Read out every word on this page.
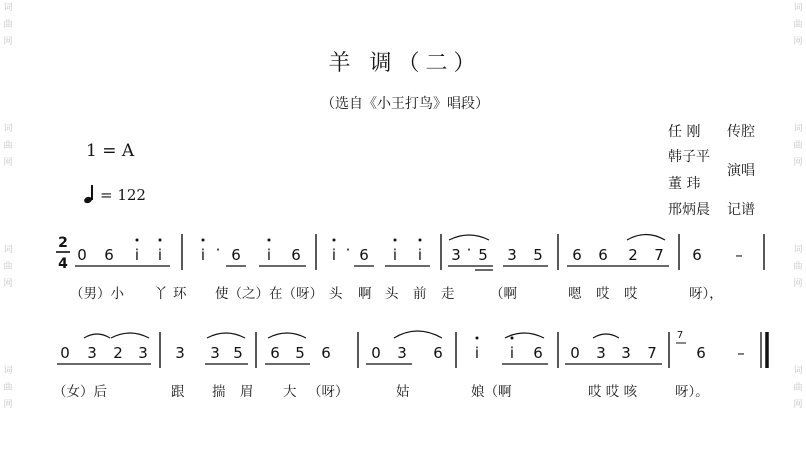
词
曲
网
词
曲
网
词
曲
网
词
曲
网
词
曲
网
词
曲
网
词
曲
网
词
曲
网
羊 调（二）
（选自《小王打鸟》唱段）
1 = A
= 122
任 刚 传腔
韩子平
董 玮
演唱
邢炳晨 记谱
2
4 0 6 i i	i · 6 i 6 i · 6 i i 3 · 5 3 5 6 6 2 7 6 –
0 3 2 3 3 3 5 6 5 6	0 3 6 i i 6 0 3 3 7
7
6 –
（男）小 丫 环 使（之）在（呀） 头 啊 头 前 走	（啊	嗯 哎 哎	呀），
（女）后	跟 揣 眉 大 （呀）	姑	娘（啊	哎 哎 咳	呀）。
